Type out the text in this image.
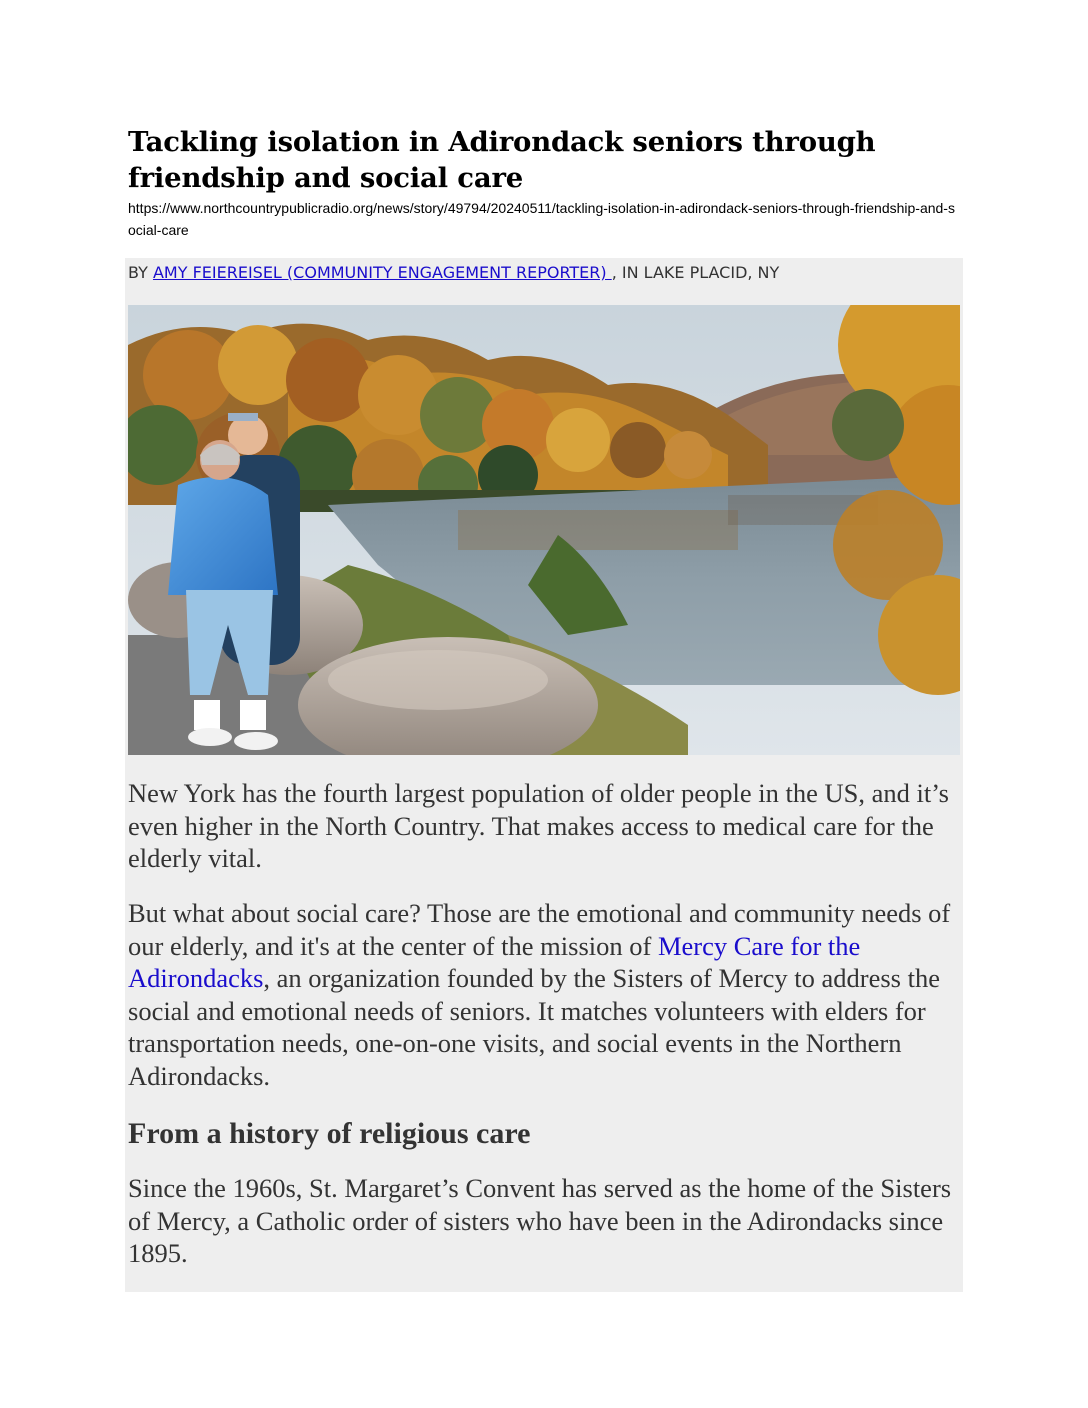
Tackling isolation in Adirondack seniors through friendship and social care

https://www.northcountrypublicradio.org/news/story/49794/20240511/tackling-isolation-in-adirondack-seniors-through-friendship-and-social-care

BY AMY FEIEREISEL (COMMUNITY ENGAGEMENT REPORTER) , IN LAKE PLACID, NY

New York has the fourth largest population of older people in the US, and it’s even higher in the North Country. That makes access to medical care for the elderly vital.

But what about social care? Those are the emotional and community needs of our elderly, and it's at the center of the mission of Mercy Care for the Adirondacks, an organization founded by the Sisters of Mercy to address the social and emotional needs of seniors. It matches volunteers with elders for transportation needs, one-on-one visits, and social events in the Northern Adirondacks.

From a history of religious care

Since the 1960s, St. Margaret’s Convent has served as the home of the Sisters of Mercy, a Catholic order of sisters who have been in the Adirondacks since 1895.
